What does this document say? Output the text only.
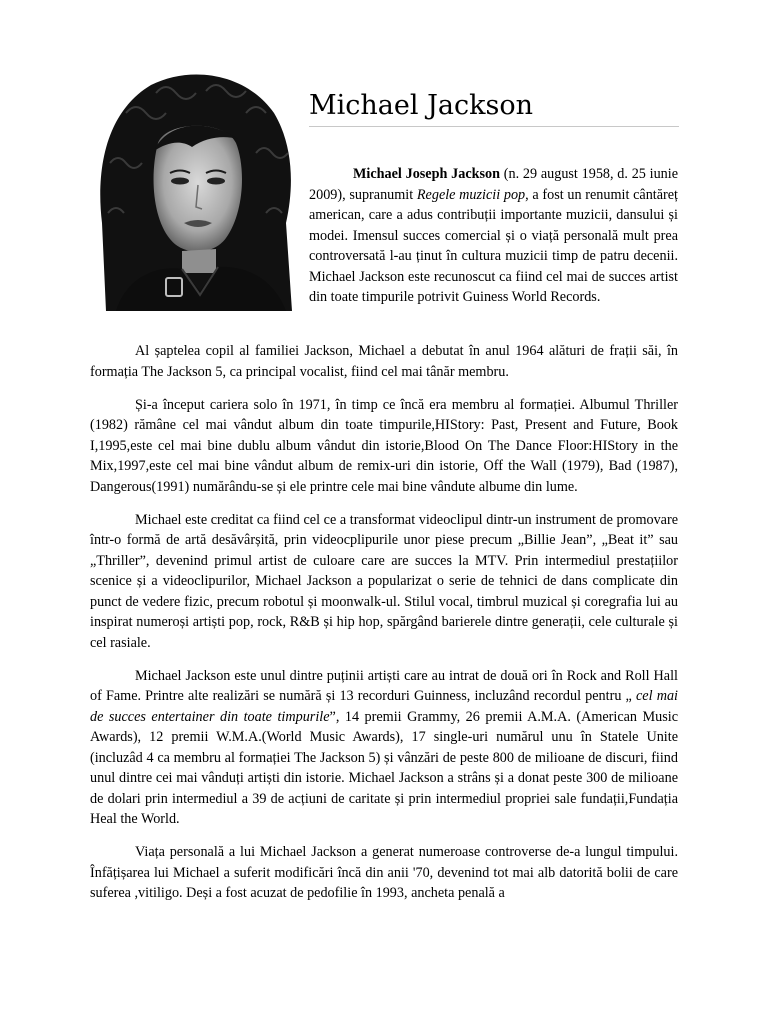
Michael Jackson

Michael Joseph Jackson (n. 29 august 1958, d. 25 iunie 2009), supranumit Regele muzicii pop, a fost un renumit cântăreț american, care a adus contribuții importante muzicii, dansului și modei. Imensul succes comercial și o viață personală mult prea controversată l-au ținut în cultura muzicii timp de patru decenii. Michael Jackson este recunoscut ca fiind cel mai de succes artist din toate timpurile potrivit Guiness World Records.

Al șaptelea copil al familiei Jackson, Michael a debutat în anul 1964 alături de frații săi, în formația The Jackson 5, ca principal vocalist, fiind cel mai tânăr membru.

Și-a început cariera solo în 1971, în timp ce încă era membru al formației. Albumul Thriller (1982) rămâne cel mai vândut album din toate timpurile,HIStory: Past, Present and Future, Book I,1995,este cel mai bine dublu album vândut din istorie,Blood On The Dance Floor:HIStory in the Mix,1997,este cel mai bine vândut album de remix-uri din istorie, Off the Wall (1979), Bad (1987), Dangerous(1991) numărându-se și ele printre cele mai bine vândute albume din lume.

Michael este creditat ca fiind cel ce a transformat videoclipul dintr-un instrument de promovare într-o formă de artă desăvârșită, prin videocplipurile unor piese precum „Billie Jean”, „Beat it” sau „Thriller”, devenind primul artist de culoare care are succes la MTV. Prin intermediul prestațiilor scenice și a videoclipurilor, Michael Jackson a popularizat o serie de tehnici de dans complicate din punct de vedere fizic, precum robotul și moonwalk-ul. Stilul vocal, timbrul muzical și coregrafia lui au inspirat numeroși artiști pop, rock, R&B și hip hop, spărgând barierele dintre generații, cele culturale și cel rasiale.

Michael Jackson este unul dintre puținii artiști care au intrat de două ori în Rock and Roll Hall of Fame. Printre alte realizări se numără și 13 recorduri Guinness, incluzând recordul pentru „ cel mai de succes entertainer din toate timpurile”, 14 premii Grammy, 26 premii A.M.A. (American Music Awards), 12 premii W.M.A.(World Music Awards), 17 single-uri numărul unu în Statele Unite (incluzâd 4 ca membru al formației The Jackson 5) și vânzări de peste 800 de milioane de discuri, fiind unul dintre cei mai vânduți artiști din istorie. Michael Jackson a strâns și a donat peste 300 de milioane de dolari prin intermediul a 39 de acțiuni de caritate și prin intermediul propriei sale fundații,Fundația Heal the World.

Viața personală a lui Michael Jackson a generat numeroase controverse de-a lungul timpului. Înfățișarea lui Michael a suferit modificări încă din anii '70, devenind tot mai alb datorită bolii de care suferea ,vitiligo. Deși a fost acuzat de pedofilie în 1993, ancheta penală a
